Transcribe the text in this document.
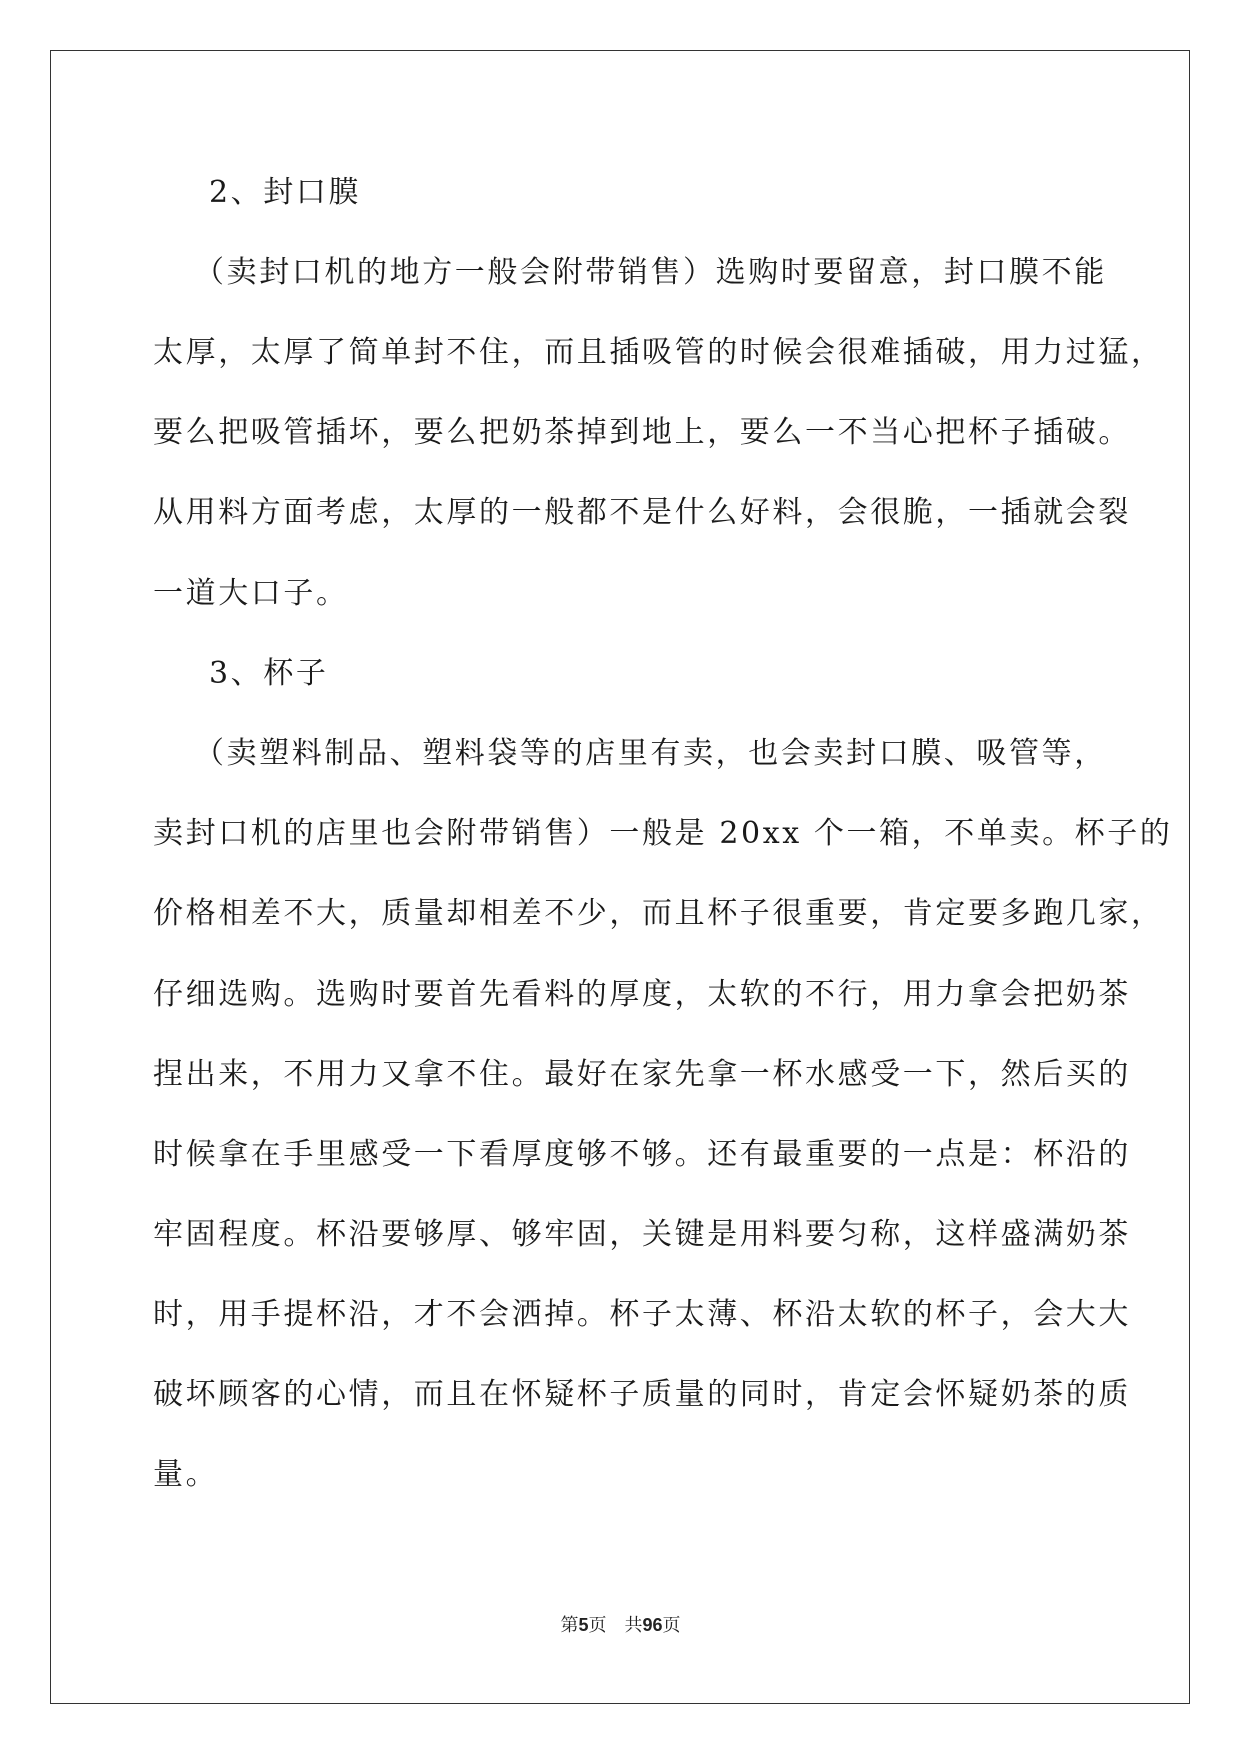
2、封口膜
（卖封口机的地方一般会附带销售）选购时要留意，封口膜不能
太厚，太厚了简单封不住，而且插吸管的时候会很难插破，用力过猛，
要么把吸管插坏，要么把奶茶掉到地上，要么一不当心把杯子插破。
从用料方面考虑，太厚的一般都不是什么好料，会很脆，一插就会裂
一道大口子。
3、杯子
（卖塑料制品、塑料袋等的店里有卖，也会卖封口膜、吸管等，
卖封口机的店里也会附带销售）一般是 20xx 个一箱，不单卖。杯子的
价格相差不大，质量却相差不少，而且杯子很重要，肯定要多跑几家，
仔细选购。选购时要首先看料的厚度，太软的不行，用力拿会把奶茶
捏出来，不用力又拿不住。最好在家先拿一杯水感受一下，然后买的
时候拿在手里感受一下看厚度够不够。还有最重要的一点是：杯沿的
牢固程度。杯沿要够厚、够牢固，关键是用料要匀称，这样盛满奶茶
时，用手提杯沿，才不会洒掉。杯子太薄、杯沿太软的杯子，会大大
破坏顾客的心情，而且在怀疑杯子质量的同时，肯定会怀疑奶茶的质
量。
第5页 共96页
